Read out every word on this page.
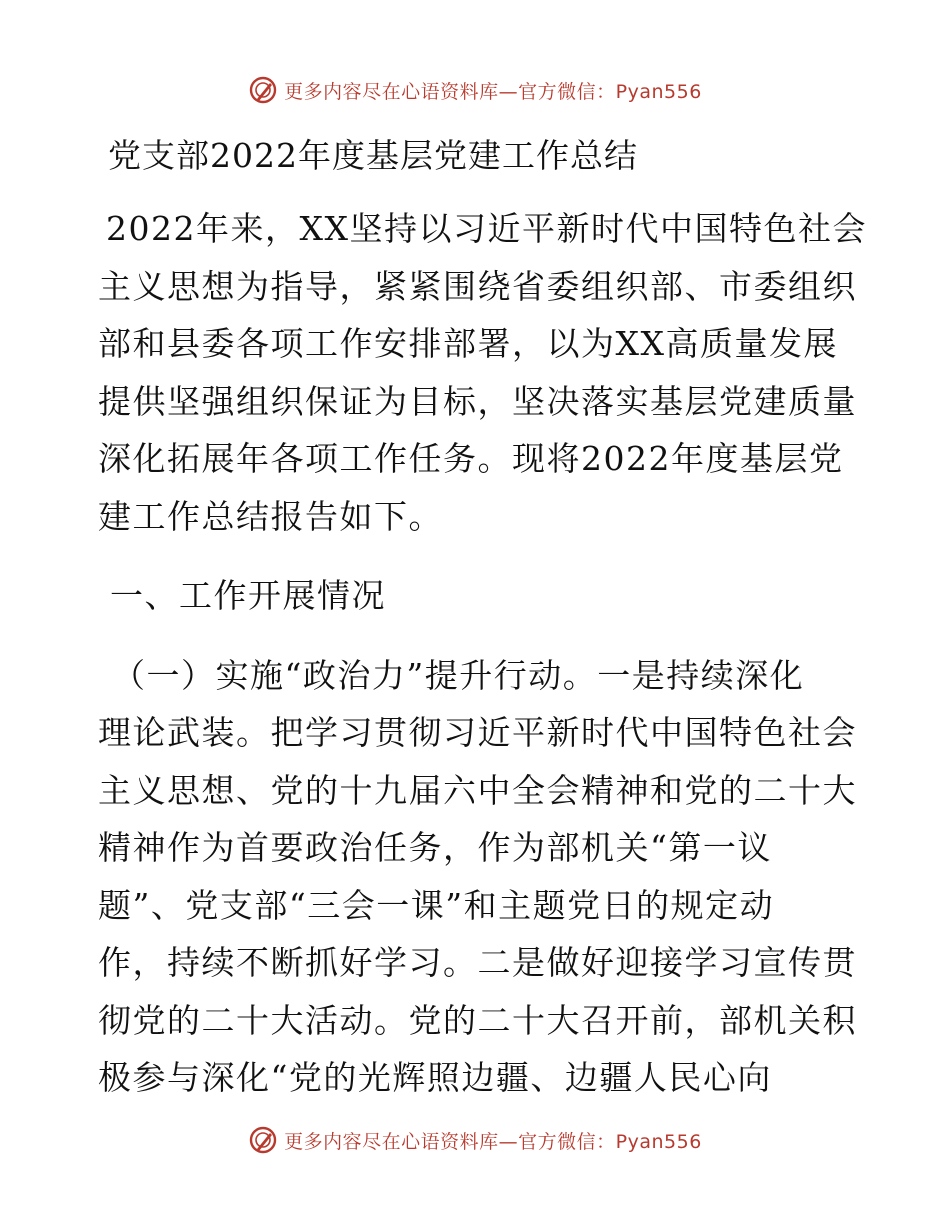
更多内容尽在心语资料库—官方微信：Pyan556
党支部2022年度基层党建工作总结

2022年来，XX坚持以习近平新时代中国特色社会
主义思想为指导，紧紧围绕省委组织部、市委组织
部和县委各项工作安排部署，以为XX高质量发展
提供坚强组织保证为目标，坚决落实基层党建质量
深化拓展年各项工作任务。现将2022年度基层党
建工作总结报告如下。

一、工作开展情况

（一）实施“政治力”提升行动。一是持续深化
理论武装。把学习贯彻习近平新时代中国特色社会
主义思想、党的十九届六中全会精神和党的二十大
精神作为首要政治任务，作为部机关“第一议
题”、党支部“三会一课”和主题党日的规定动
作，持续不断抓好学习。二是做好迎接学习宣传贯
彻党的二十大活动。党的二十大召开前，部机关积
极参与深化“党的光辉照边疆、边疆人民心向

更多内容尽在心语资料库—官方微信：Pyan556
